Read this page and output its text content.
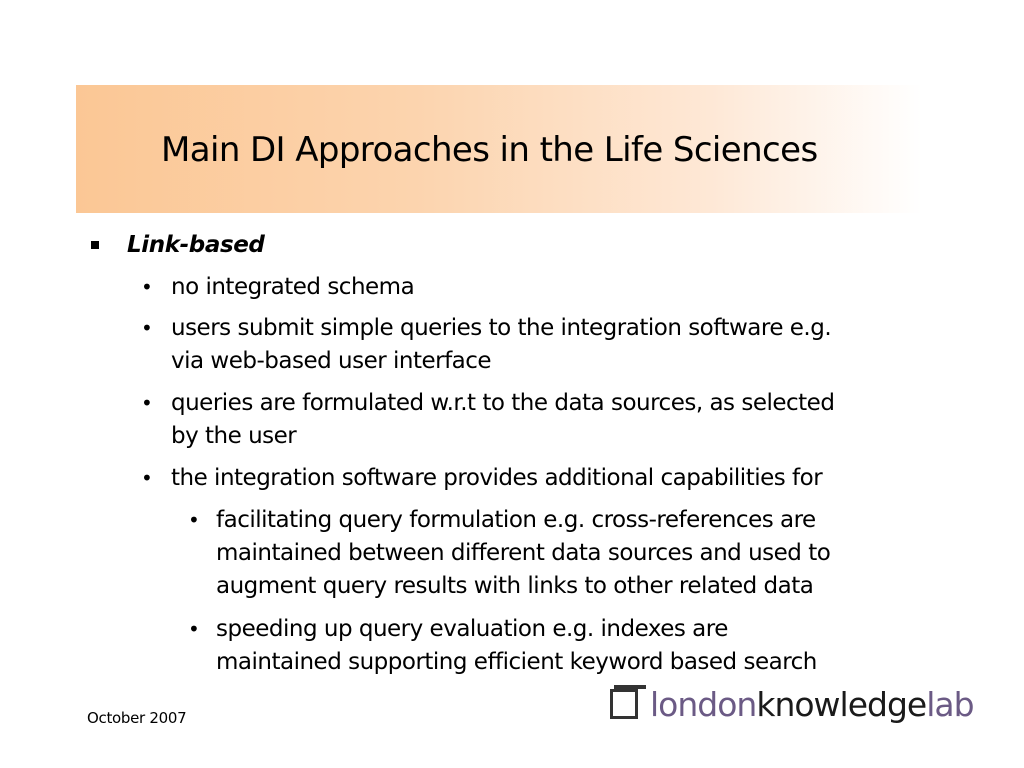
Main DI Approaches in the Life Sciences
Link-based
• no integrated schema
• users submit simple queries to the integration software e.g.
via web-based user interface
• queries are formulated w.r.t to the data sources, as selected
by the user
• the integration software provides additional capabilities for
• facilitating query formulation e.g. cross-references are
maintained between different data sources and used to
augment query results with links to other related data
• speeding up query evaluation e.g. indexes are
maintained supporting efficient keyword based search
October 2007	londonknowledgelab
